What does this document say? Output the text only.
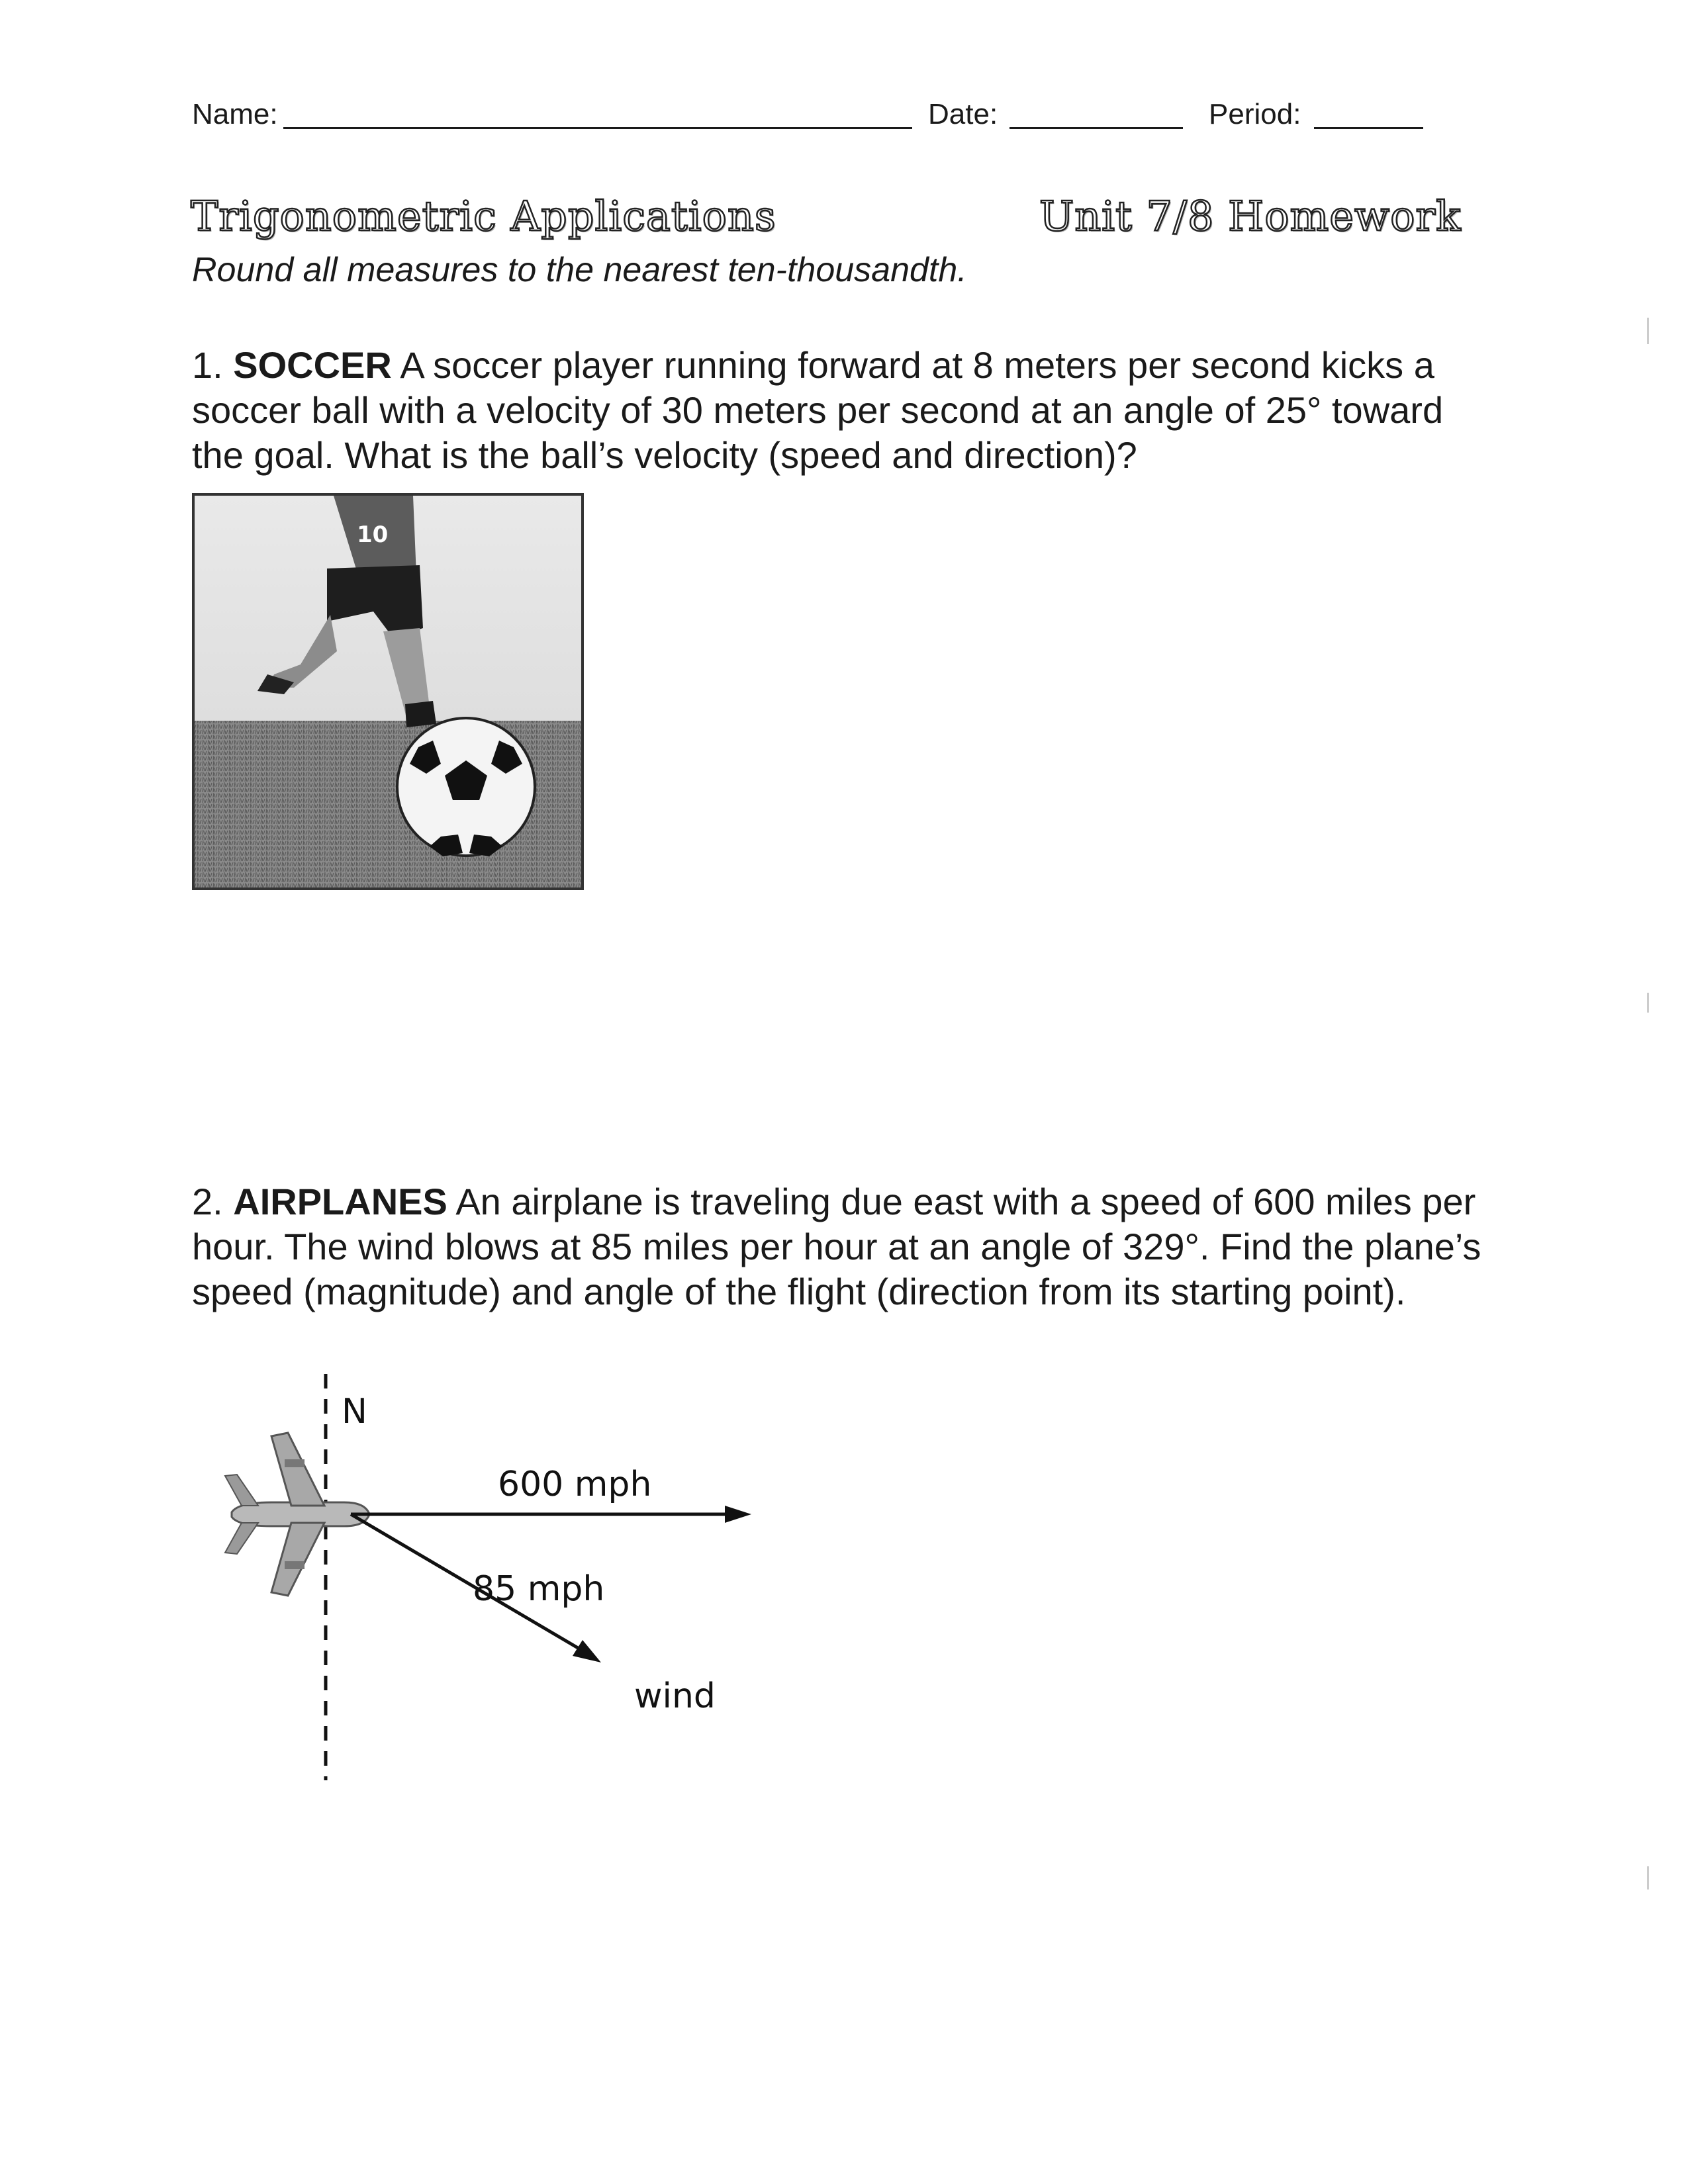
Name:	Date:	Period:
Trigonometric Applications	Unit 7/8 Homework
Round all measures to the nearest ten-thousandth.
1. SOCCER A soccer player running forward at 8 meters per second kicks a soccer ball with a velocity of 30 meters per second at an angle of 25° toward the goal. What is the ball’s velocity (speed and direction)?
10
2. AIRPLANES An airplane is traveling due east with a speed of 600 miles per hour. The wind blows at 85 miles per hour at an angle of 329°. Find the plane’s speed (magnitude) and angle of the flight (direction from its starting point).
N
600 mph
85 mph
wind
